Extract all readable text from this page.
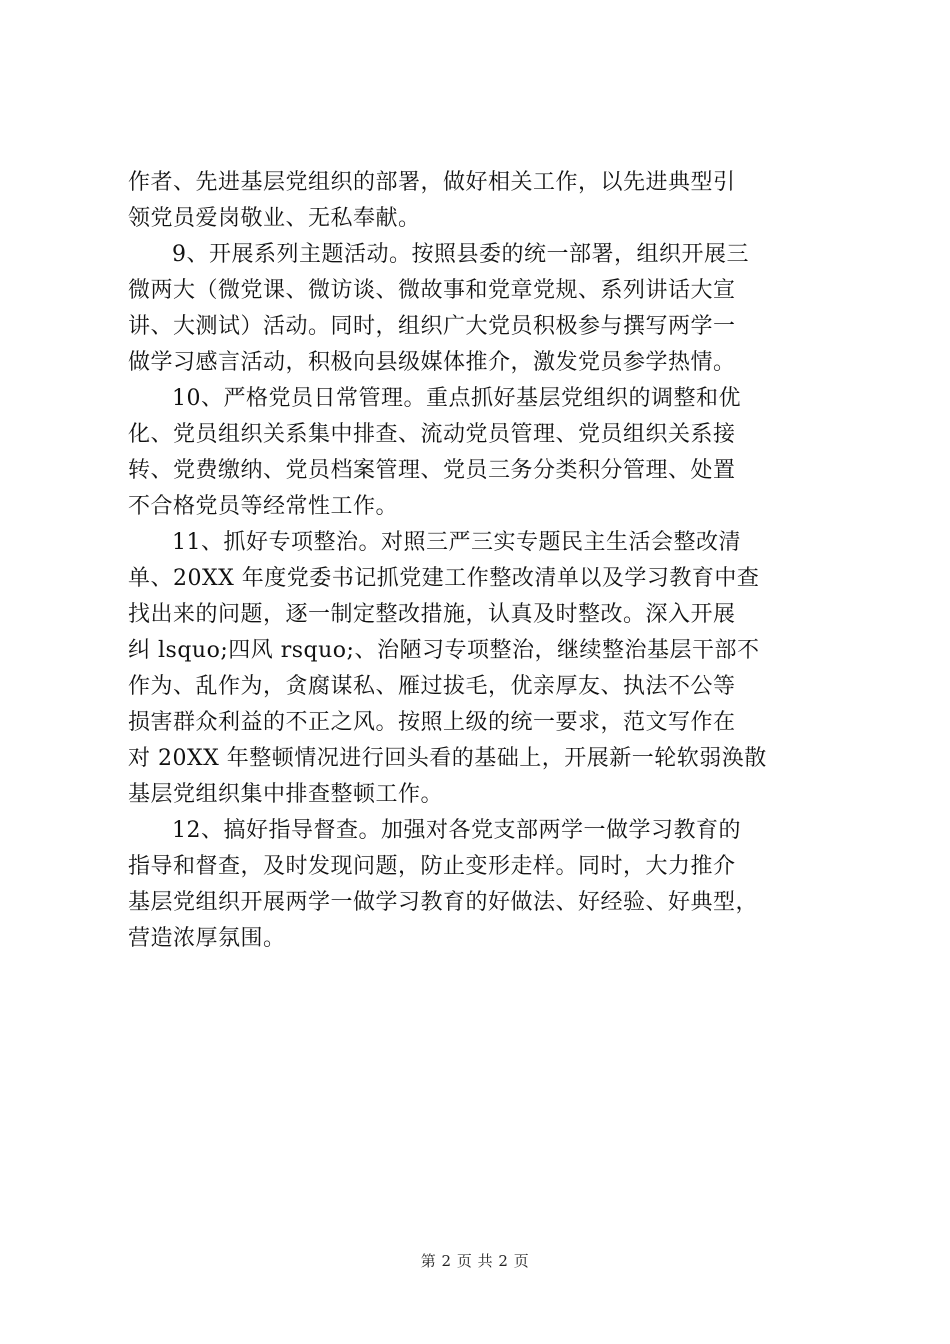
作者、先进基层党组织的部署，做好相关工作，以先进典型引
领党员爱岗敬业、无私奉献。
9、开展系列主题活动。按照县委的统一部署，组织开展三
微两大（微党课、微访谈、微故事和党章党规、系列讲话大宣
讲、大测试）活动。同时，组织广大党员积极参与撰写两学一
做学习感言活动，积极向县级媒体推介，激发党员参学热情。
10、严格党员日常管理。重点抓好基层党组织的调整和优
化、党员组织关系集中排查、流动党员管理、党员组织关系接
转、党费缴纳、党员档案管理、党员三务分类积分管理、处置
不合格党员等经常性工作。
11、抓好专项整治。对照三严三实专题民主生活会整改清
单、20XX 年度党委书记抓党建工作整改清单以及学习教育中查
找出来的问题，逐一制定整改措施，认真及时整改。深入开展
纠 lsquo;四风 rsquo;、治陋习专项整治，继续整治基层干部不
作为、乱作为，贪腐谋私、雁过拔毛，优亲厚友、执法不公等
损害群众利益的不正之风。按照上级的统一要求，范文写作在
对 20XX 年整顿情况进行回头看的基础上，开展新一轮软弱涣散
基层党组织集中排查整顿工作。
12、搞好指导督查。加强对各党支部两学一做学习教育的
指导和督查，及时发现问题，防止变形走样。同时，大力推介
基层党组织开展两学一做学习教育的好做法、好经验、好典型，
营造浓厚氛围。
第 2 页 共 2 页
